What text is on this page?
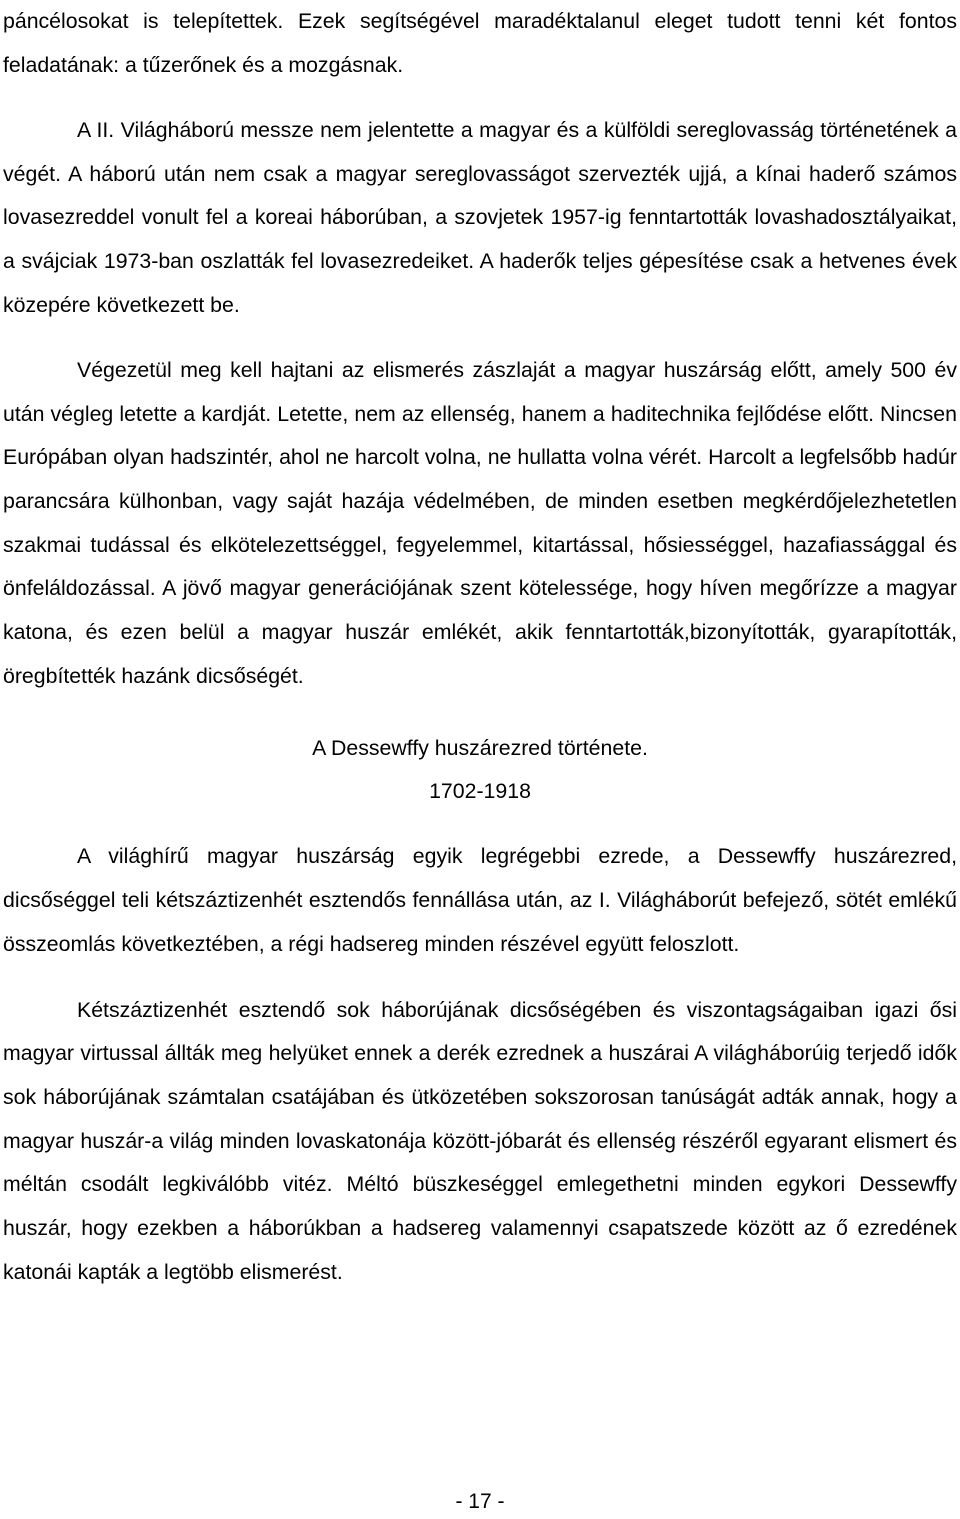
páncélosokat is telepítettek. Ezek segítségével maradéktalanul eleget tudott tenni két fontos feladatának: a tűzerőnek és a mozgásnak.

A II. Világháború messze nem jelentette a magyar és a külföldi sereglovasság történetének a végét. A háború után nem csak a magyar sereglovasságot szervezték ujjá, a kínai haderő számos lovasezreddel vonult fel a koreai háborúban, a szovjetek 1957-ig fenntartották lovashadosztályaikat, a svájciak 1973-ban oszlatták fel lovasezredeiket. A haderők teljes gépesítése csak a hetvenes évek közepére következett be.

Végezetül meg kell hajtani az elismerés zászlaját a magyar huszárság előtt, amely 500 év után végleg letette a kardját. Letette, nem az ellenség, hanem a haditechnika fejlődése előtt. Nincsen Európában olyan hadszintér, ahol ne harcolt volna, ne hullatta volna vérét. Harcolt a legfelsőbb hadúr parancsára külhonban, vagy saját hazája védelmében, de minden esetben megkérdőjelezhetetlen szakmai tudással és elkötelezettséggel, fegyelemmel, kitartással, hősiességgel, hazafiassággal és önfeláldozással. A jövő magyar generációjának szent kötelessége, hogy híven megőrízze a magyar katona, és ezen belül a magyar huszár emlékét, akik fenntartották,bizonyították, gyarapították, öregbítették hazánk dicsőségét.

A Dessewffy huszárezred története.

1702-1918

A világhírű magyar huszárság egyik legrégebbi ezrede, a Dessewffy huszárezred, dicsőséggel teli kétszáztizenhét esztendős fennállása után, az I. Világháborút befejező, sötét emlékű összeomlás következtében, a régi hadsereg minden részével együtt feloszlott.

Kétszáztizenhét esztendő sok háborújának dicsőségében és viszontagságaiban igazi ősi magyar virtussal állták meg helyüket ennek a derék ezrednek a huszárai A világháborúig terjedő idők sok háborújának számtalan csatájában és ütközetében sokszorosan tanúságát adták annak, hogy a magyar huszár-a világ minden lovaskatonája között-jóbarát és ellenség részéről egyarant elismert és méltán csodált legkiválóbb vitéz. Méltó büszkeséggel emlegethetni minden egykori Dessewffy huszár, hogy ezekben a háborúkban a hadsereg valamennyi csapatszede között az ő ezredének katonái kapták a legtöbb elismerést.

- 17 -
